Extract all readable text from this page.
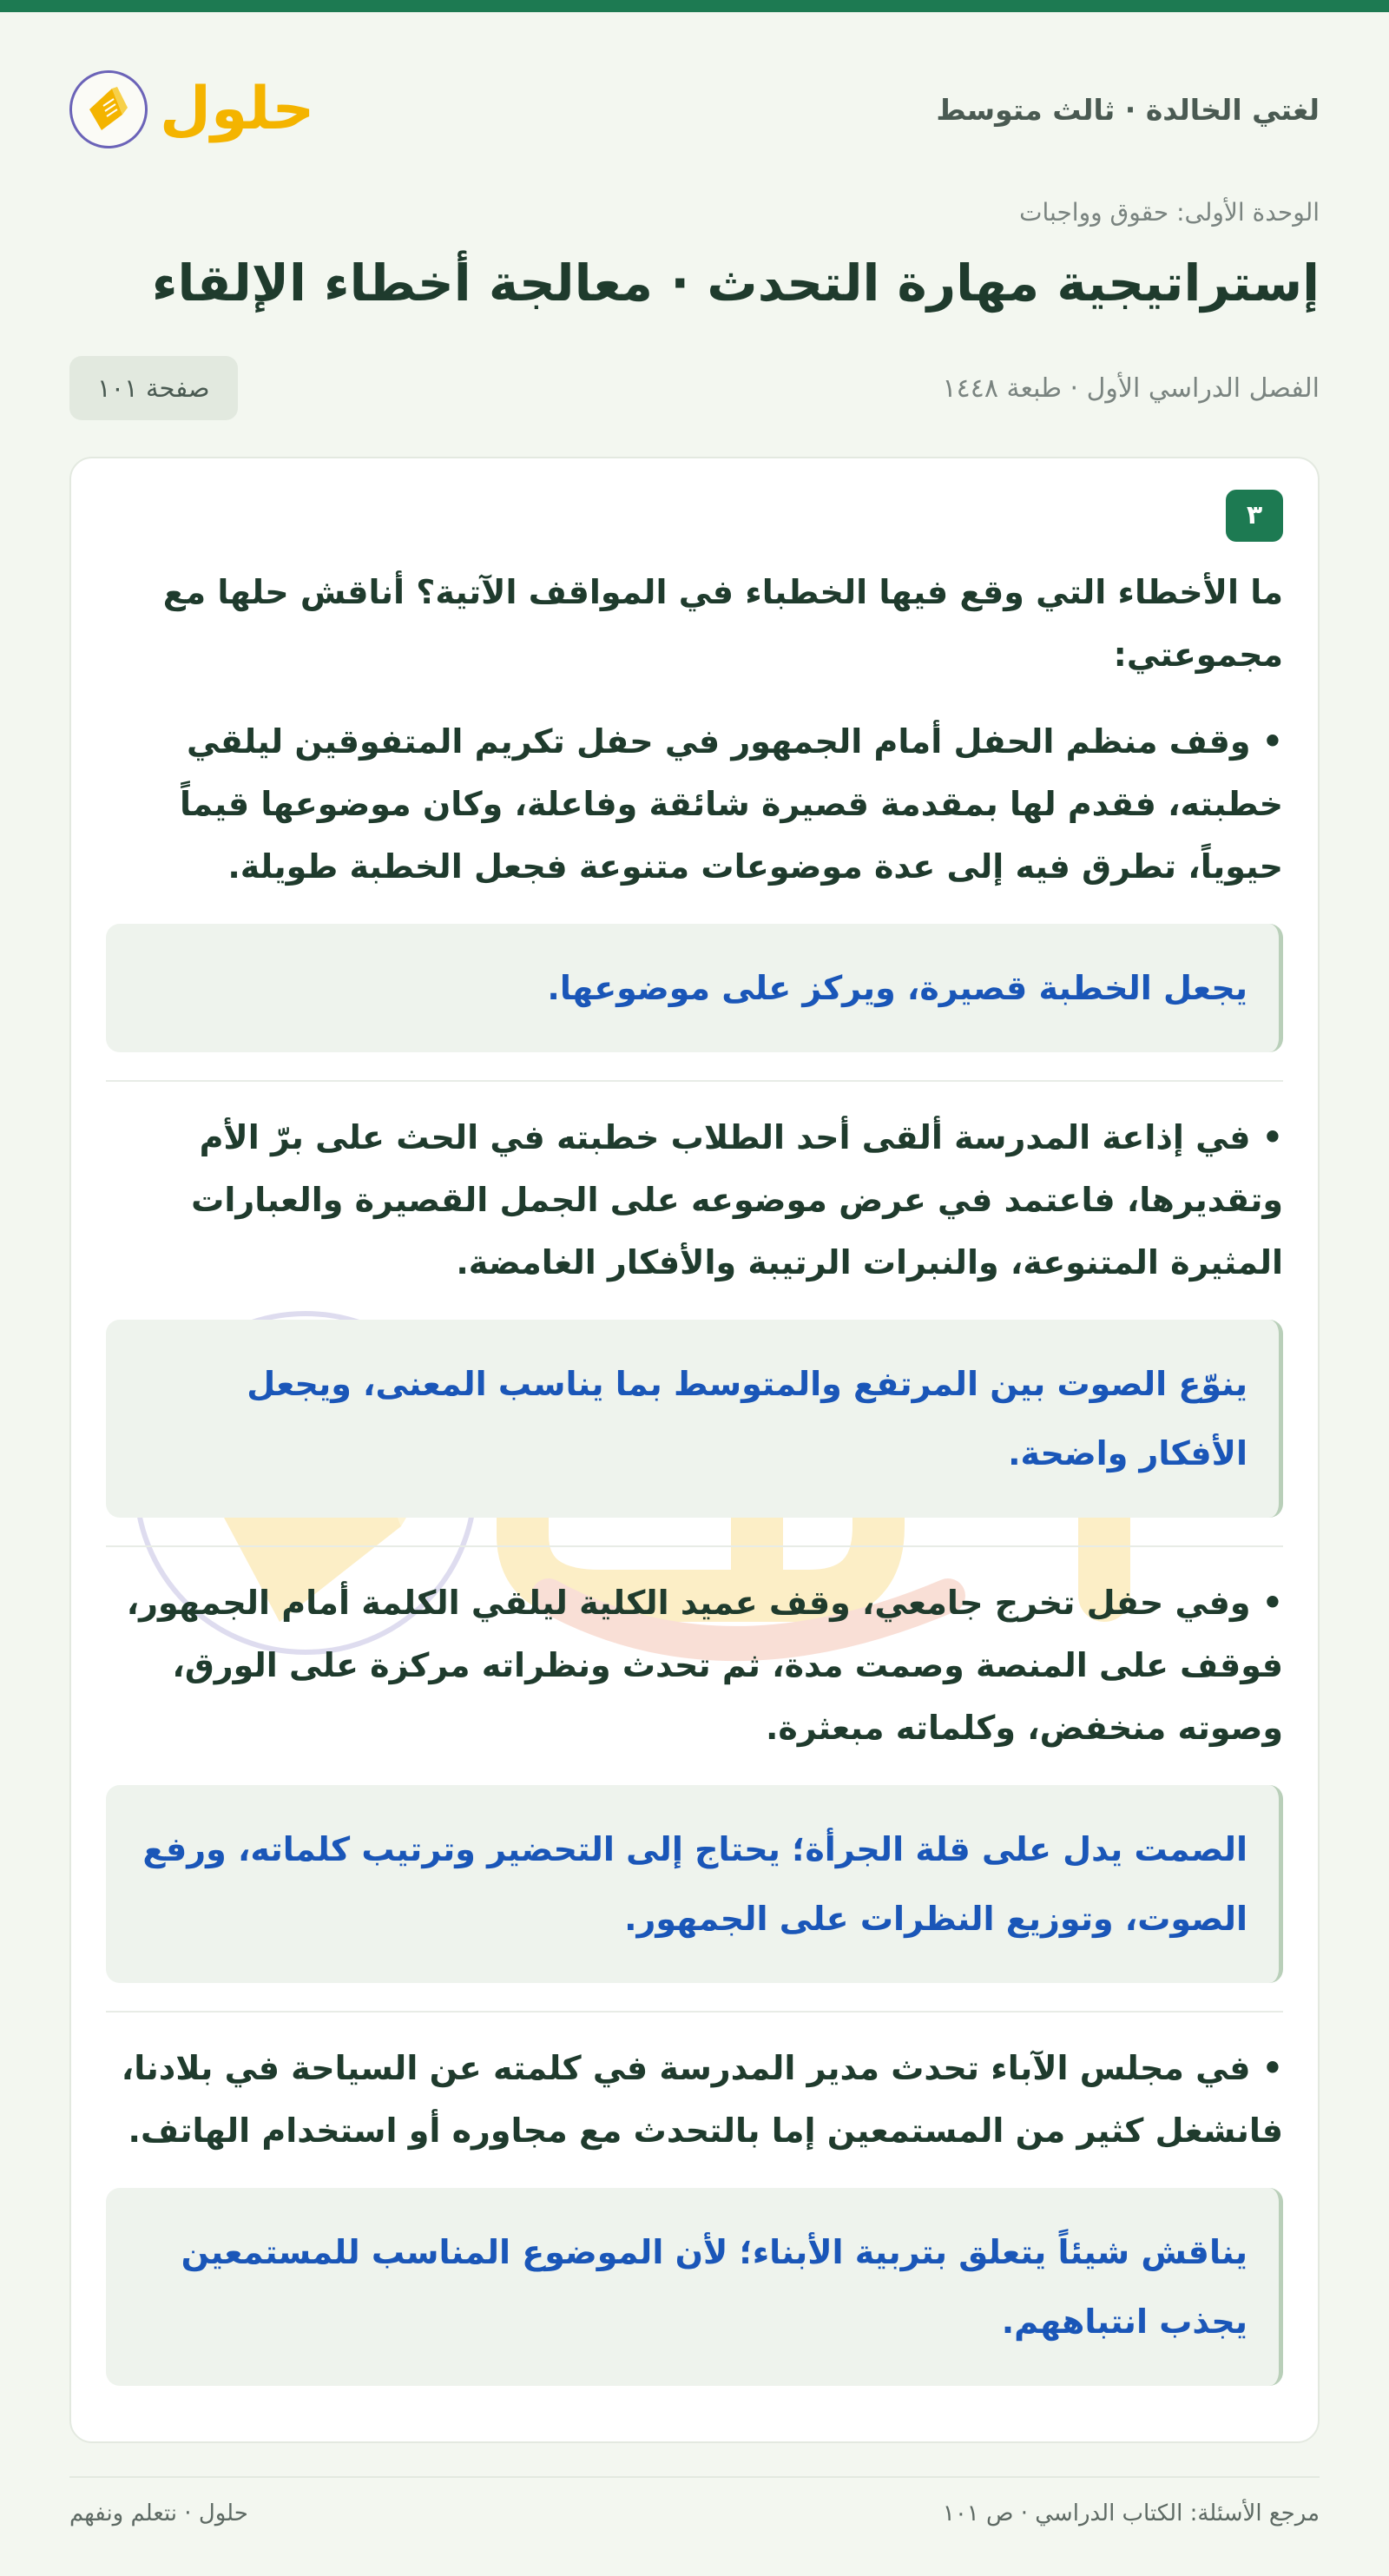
لغتي الخالدة · ثالث متوسط
حلول
الوحدة الأولى: حقوق وواجبات
إستراتيجية مهارة التحدث · معالجة أخطاء الإلقاء
الفصل الدراسي الأول · طبعة ١٤٤٨
صفحة ١٠١
٣
ما الأخطاء التي وقع فيها الخطباء في المواقف الآتية؟ أناقش حلها مع مجموعتي:
• وقف منظم الحفل أمام الجمهور في حفل تكريم المتفوقين ليلقي خطبته، فقدم لها بمقدمة قصيرة شائقة وفاعلة، وكان موضوعها قيماً حيوياً، تطرق فيه إلى عدة موضوعات متنوعة فجعل الخطبة طويلة.
يجعل الخطبة قصيرة، ويركز على موضوعها.
• في إذاعة المدرسة ألقى أحد الطلاب خطبته في الحث على برّ الأم وتقديرها، فاعتمد في عرض موضوعه على الجمل القصيرة والعبارات المثيرة المتنوعة، والنبرات الرتيبة والأفكار الغامضة.
ينوّع الصوت بين المرتفع والمتوسط بما يناسب المعنى، ويجعل الأفكار واضحة.
• وفي حفل تخرج جامعي، وقف عميد الكلية ليلقي الكلمة أمام الجمهور، فوقف على المنصة وصمت مدة، ثم تحدث ونظراته مركزة على الورق، وصوته منخفض، وكلماته مبعثرة.
الصمت يدل على قلة الجرأة؛ يحتاج إلى التحضير وترتيب كلماته، ورفع الصوت، وتوزيع النظرات على الجمهور.
• في مجلس الآباء تحدث مدير المدرسة في كلمته عن السياحة في بلادنا، فانشغل كثير من المستمعين إما بالتحدث مع مجاوره أو استخدام الهاتف.
يناقش شيئاً يتعلق بتربية الأبناء؛ لأن الموضوع المناسب للمستمعين يجذب انتباههم.
مرجع الأسئلة: الكتاب الدراسي · ص ١٠١
حلول · نتعلم ونفهم
